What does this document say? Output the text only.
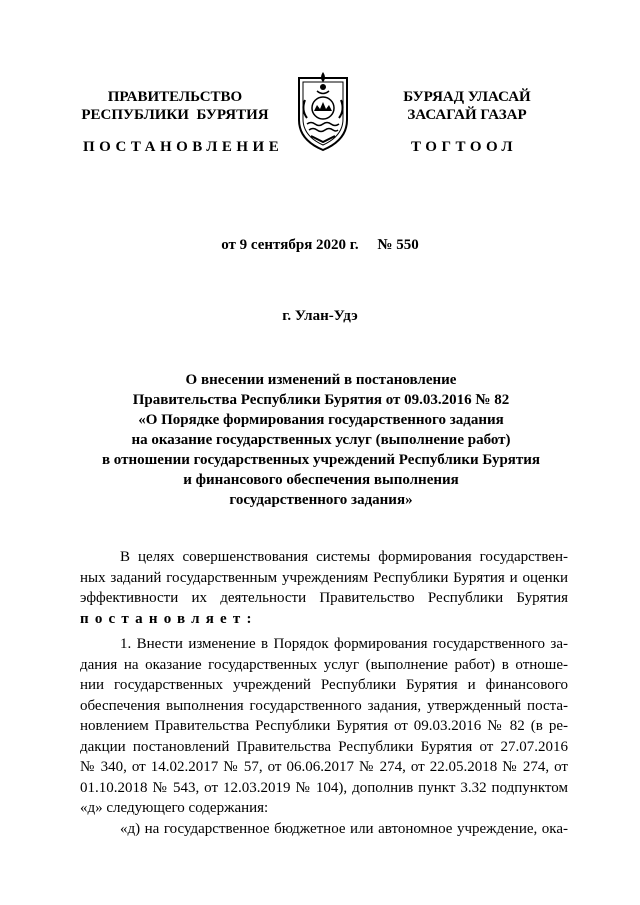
ПРАВИТЕЛЬСТВО
РЕСПУБЛИКИ  БУРЯТИЯ
БУРЯАД УЛАСАЙ
ЗАСАГАЙ ГАЗАР
ПОСТАНОВЛЕНИЕ	ТОГТООЛ
от 9 сентября 2020 г.     № 550
г. Улан-Удэ
О внесении изменений в постановление
Правительства Республики Бурятия от 09.03.2016 № 82
«О Порядке формирования государственного задания
на оказание государственных услуг (выполнение работ)
в отношении государственных учреждений Республики Бурятия
и финансового обеспечения выполнения
государственного задания»
В целях совершенствования системы формирования государствен-
ных заданий государственным учреждениям Республики Бурятия и оценки
эффективности их деятельности Правительство Республики Бурятия
постановляет:
1. Внести изменение в Порядок формирования государственного за-
дания на оказание государственных услуг (выполнение работ) в отноше-
нии государственных учреждений Республики Бурятия и финансового
обеспечения выполнения государственного задания, утвержденный поста-
новлением Правительства Республики Бурятия от 09.03.2016 № 82 (в ре-
дакции постановлений Правительства Республики Бурятия от 27.07.2016
№ 340, от 14.02.2017 № 57, от 06.06.2017 № 274, от 22.05.2018 № 274, от
01.10.2018 № 543, от 12.03.2019 № 104), дополнив пункт 3.32 подпунктом
«д» следующего содержания:
«д) на государственное бюджетное или автономное учреждение, ока-
